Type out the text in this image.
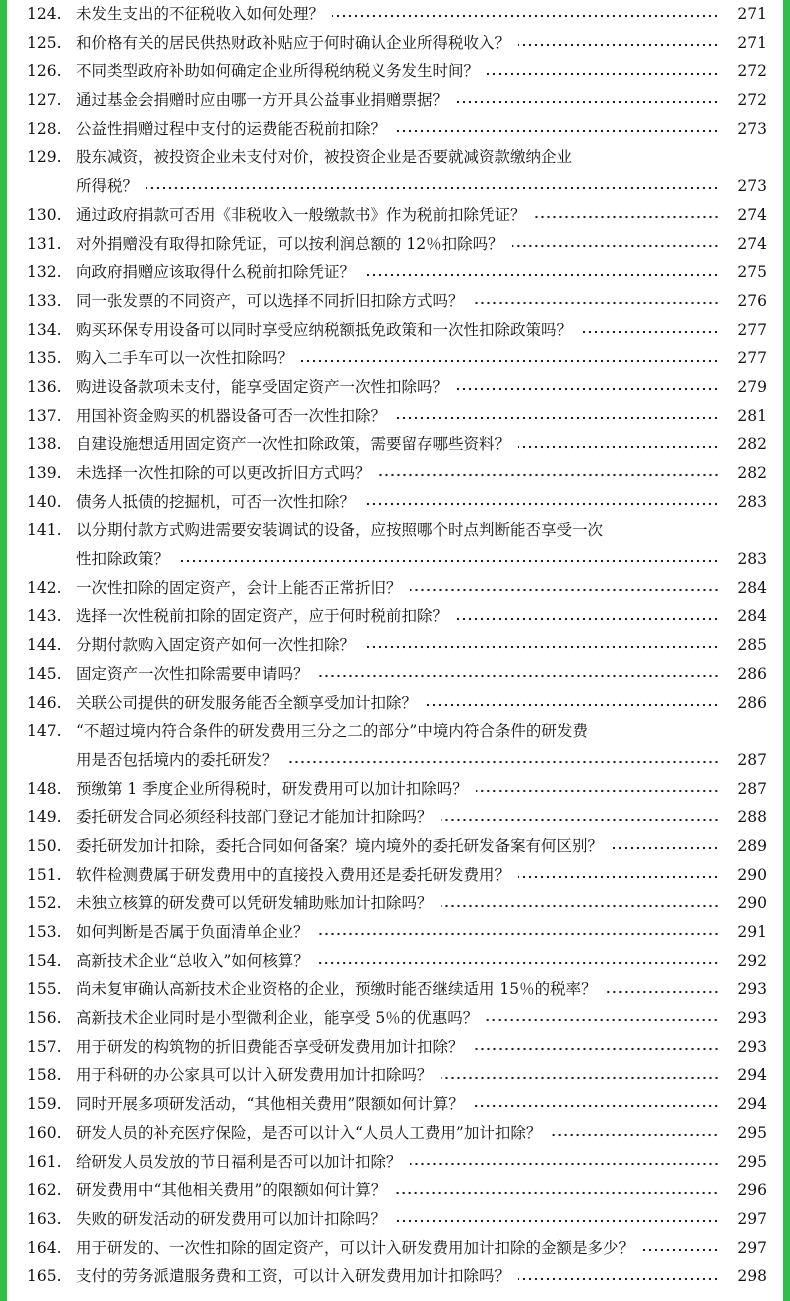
124. 未发生支出的不征税收入如何处理？	271
125. 和价格有关的居民供热财政补贴应于何时确认企业所得税收入？	271
126. 不同类型政府补助如何确定企业所得税纳税义务发生时间？	272
127. 通过基金会捐赠时应由哪一方开具公益事业捐赠票据？	272
128. 公益性捐赠过程中支付的运费能否税前扣除？	273
129. 股东减资，被投资企业未支付对价，被投资企业是否要就减资款缴纳企业
所得税？	273
130. 通过政府捐款可否用《非税收入一般缴款书》作为税前扣除凭证？	274
131. 对外捐赠没有取得扣除凭证，可以按利润总额的 12％扣除吗？	274
132. 向政府捐赠应该取得什么税前扣除凭证？	275
133. 同一张发票的不同资产，可以选择不同折旧扣除方式吗？	276
134. 购买环保专用设备可以同时享受应纳税额抵免政策和一次性扣除政策吗？	277
135. 购入二手车可以一次性扣除吗？	277
136. 购进设备款项未支付，能享受固定资产一次性扣除吗？	279
137. 用国补资金购买的机器设备可否一次性扣除？	281
138. 自建设施想适用固定资产一次性扣除政策，需要留存哪些资料？	282
139. 未选择一次性扣除的可以更改折旧方式吗？	282
140. 债务人抵债的挖掘机，可否一次性扣除？	283
141. 以分期付款方式购进需要安装调试的设备，应按照哪个时点判断能否享受一次
性扣除政策？	283
142. 一次性扣除的固定资产，会计上能否正常折旧？	284
143. 选择一次性税前扣除的固定资产，应于何时税前扣除？	284
144. 分期付款购入固定资产如何一次性扣除？	285
145. 固定资产一次性扣除需要申请吗？	286
146. 关联公司提供的研发服务能否全额享受加计扣除？	286
147. “不超过境内符合条件的研发费用三分之二的部分”中境内符合条件的研发费
用是否包括境内的委托研发？	287
148. 预缴第 1 季度企业所得税时，研发费用可以加计扣除吗？	287
149. 委托研发合同必须经科技部门登记才能加计扣除吗？	288
150. 委托研发加计扣除，委托合同如何备案？境内境外的委托研发备案有何区别？	289
151. 软件检测费属于研发费用中的直接投入费用还是委托研发费用？	290
152. 未独立核算的研发费可以凭研发辅助账加计扣除吗？	290
153. 如何判断是否属于负面清单企业？	291
154. 高新技术企业“总收入”如何核算？	292
155. 尚未复审确认高新技术企业资格的企业，预缴时能否继续适用 15％的税率？	293
156. 高新技术企业同时是小型微利企业，能享受 5％的优惠吗？	293
157. 用于研发的构筑物的折旧费能否享受研发费用加计扣除？	293
158. 用于科研的办公家具可以计入研发费用加计扣除吗？	294
159. 同时开展多项研发活动，“其他相关费用”限额如何计算？	294
160. 研发人员的补充医疗保险，是否可以计入“人员人工费用”加计扣除？	295
161. 给研发人员发放的节日福利是否可以加计扣除？	295
162. 研发费用中“其他相关费用”的限额如何计算？	296
163. 失败的研发活动的研发费用可以加计扣除吗？	297
164. 用于研发的、一次性扣除的固定资产，可以计入研发费用加计扣除的金额是多少？	297
165. 支付的劳务派遣服务费和工资，可以计入研发费用加计扣除吗？	298
